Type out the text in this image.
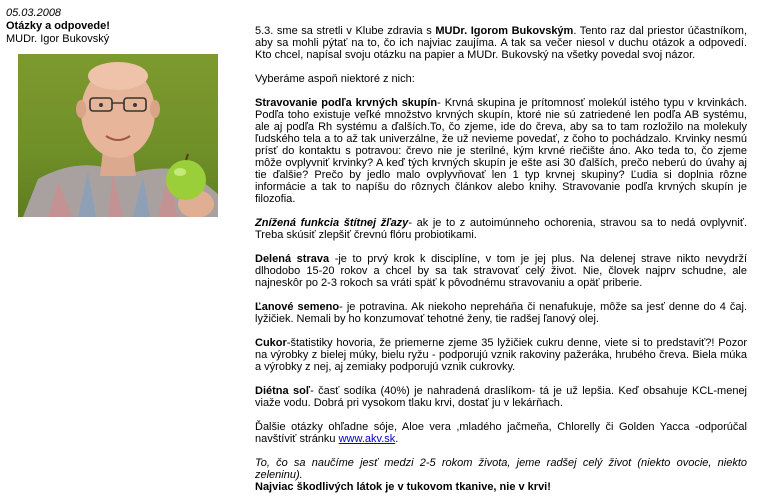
05.03.2008
Otázky a odpovede!
MUDr. Igor Bukovský

5.3. sme sa stretli v Klube zdravia s MUDr. Igorom Bukovským. Tento raz dal priestor účastníkom, aby sa mohli pýtať na to, čo ich najviac zaujíma. A tak sa večer niesol v duchu otázok a odpovedí. Kto chcel, napísal svoju otázku na papier a MUDr. Bukovský na všetky povedal svoj názor.

Vyberáme aspoň niektoré z nich:

Stravovanie podľa krvných skupín- Krvná skupina je prítomnosť molekúl istého typu v krvinkách. Podľa toho existuje veľké množstvo krvných skupín, ktoré nie sú zatriedené len podľa AB systému, ale aj podľa Rh systému a ďalších.To, čo zjeme, ide do čreva, aby sa to tam rozložilo na molekuly ľudského tela a to až tak univerzálne, že už nevieme povedať, z čoho to pochádzalo. Krvinky nesmú prísť do kontaktu s potravou: črevo nie je sterilné, kým krvné riečište áno. Ako teda to, čo zjeme môže ovplyvniť krvinky? A keď tých krvných skupín je ešte asi 30 ďalších, prečo neberú do úvahy aj tie ďalšie? Prečo by jedlo malo ovplyvňovať len 1 typ krvnej skupiny? Ľudia si doplnia rôzne informácie a tak to napíšu do rôznych článkov alebo knihy. Stravovanie podľa krvných skupín je filozofia.

Znížená funkcia štítnej žľazy- ak je to z autoimúnneho ochorenia, stravou sa to nedá ovplyvniť. Treba skúsiť zlepšiť črevnú flóru probiotikami.

Delená strava -je to prvý krok k disciplíne, v tom je jej plus. Na delenej strave nikto nevydrží dlhodobo 15-20 rokov a chcel by sa tak stravovať celý život. Nie, človek najprv schudne, ale najneskôr po 2-3 rokoch sa vráti späť k pôvodnému stravovaniu a opäť priberie.

Ľanové semeno- je potravina. Ak niekoho nepreháňa či nenafukuje, môže sa jesť denne do 4 čaj. lyžičiek. Nemali by ho konzumovať tehotné ženy, tie radšej ľanový olej.

Cukor-štatistiky hovoria, že priemerne zjeme 35 lyžičiek cukru denne, viete si to predstaviť?! Pozor na výrobky z bielej múky, bielu ryžu - podporujú vznik rakoviny pažeráka, hrubého čreva. Biela múka a výrobky z nej, aj zemiaky podporujú vznik cukrovky.

Diétna soľ- časť sodíka (40%) je nahradená draslíkom- tá je už lepšia. Keď obsahuje KCL-menej viaže vodu. Dobrá pri vysokom tlaku krvi, dostať ju v lekárňach.

Ďalšie otázky ohľadne sóje, Aloe vera ,mladého jačmeňa, Chlorelly či Golden Yacca -odporúčal navštíviť stránku www.akv.sk.

To, čo sa naučíme jesť medzi 2-5 rokom života, jeme radšej celý život (niekto ovocie, niekto zeleninu).

Najviac škodlivých látok je v tukovom tkanive, nie v krvi!
